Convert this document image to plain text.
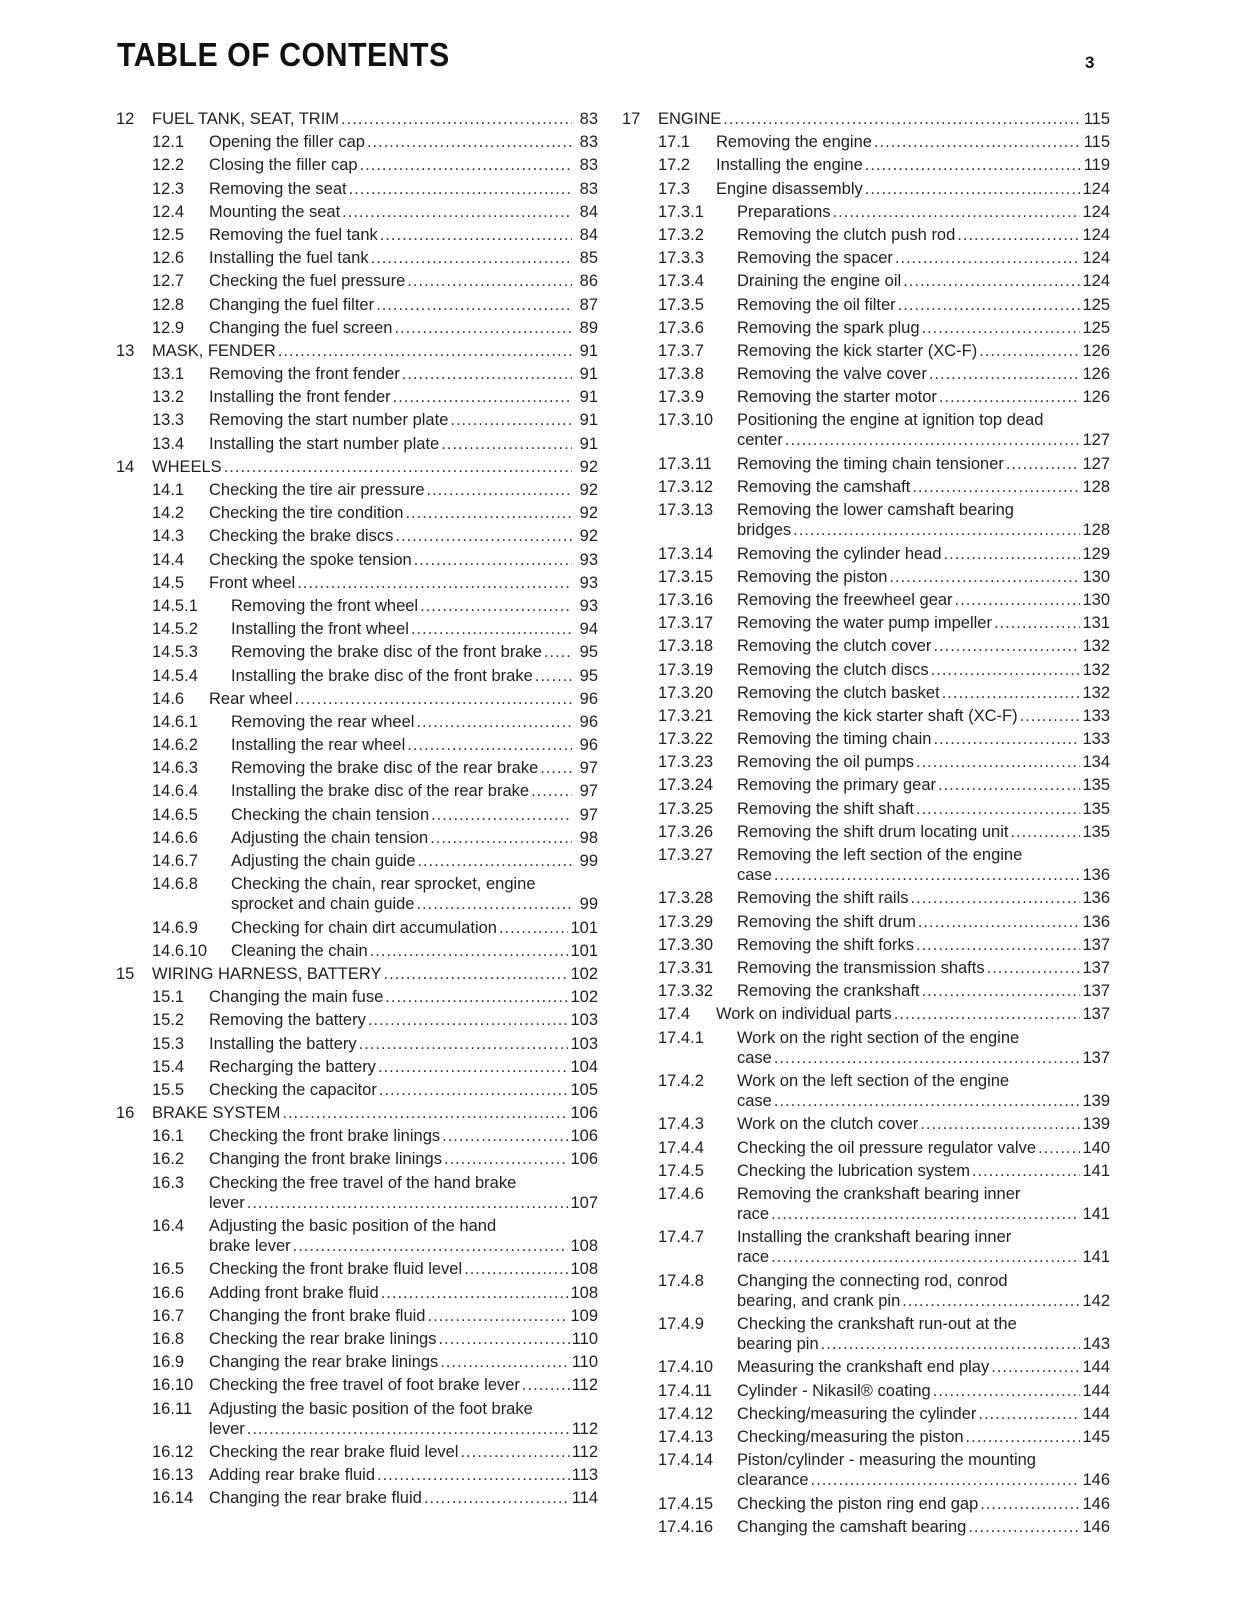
TABLE OF CONTENTS	3
12 FUEL TANK, SEAT, TRIM .....	83
12.1 Opening the filler cap .....	83
12.2 Closing the filler cap .....	83
12.3 Removing the seat .....	83
12.4 Mounting the seat .....	84
12.5 Removing the fuel tank .....	84
12.6 Installing the fuel tank .....	85
12.7 Checking the fuel pressure .....	86
12.8 Changing the fuel filter .....	87
12.9 Changing the fuel screen .....	89
13 MASK, FENDER .....	91
13.1 Removing the front fender .....	91
13.2 Installing the front fender .....	91
13.3 Removing the start number plate .....	91
13.4 Installing the start number plate .....	91
14 WHEELS .....	92
14.1 Checking the tire air pressure .....	92
14.2 Checking the tire condition .....	92
14.3 Checking the brake discs .....	92
14.4 Checking the spoke tension .....	93
14.5 Front wheel .....	93
14.5.1 Removing the front wheel .....	93
14.5.2 Installing the front wheel .....	94
14.5.3 Removing the brake disc of the front brake .....	95
14.5.4 Installing the brake disc of the front brake .....	95
14.6 Rear wheel .....	96
14.6.1 Removing the rear wheel .....	96
14.6.2 Installing the rear wheel .....	96
14.6.3 Removing the brake disc of the rear brake .....	97
14.6.4 Installing the brake disc of the rear brake .....	97
14.6.5 Checking the chain tension .....	97
14.6.6 Adjusting the chain tension .....	98
14.6.7 Adjusting the chain guide .....	99
14.6.8 Checking the chain, rear sprocket, engine
sprocket and chain guide .....	99
14.6.9 Checking for chain dirt accumulation .....	101
14.6.10 Cleaning the chain .....	101
15 WIRING HARNESS, BATTERY .....	102
15.1 Changing the main fuse .....	102
15.2 Removing the battery .....	103
15.3 Installing the battery .....	103
15.4 Recharging the battery .....	104
15.5 Checking the capacitor .....	105
16 BRAKE SYSTEM .....	106
16.1 Checking the front brake linings .....	106
16.2 Changing the front brake linings .....	106
16.3 Checking the free travel of the hand brake
lever .....	107
16.4 Adjusting the basic position of the hand
brake lever .....	108
16.5 Checking the front brake fluid level .....	108
16.6 Adding front brake fluid .....	108
16.7 Changing the front brake fluid .....	109
16.8 Checking the rear brake linings .....	110
16.9 Changing the rear brake linings .....	110
16.10 Checking the free travel of foot brake lever .....	112
16.11 Adjusting the basic position of the foot brake
lever .....	112
16.12 Checking the rear brake fluid level .....	112
16.13 Adding rear brake fluid .....	113
16.14 Changing the rear brake fluid .....	114
17 ENGINE .....	115
17.1 Removing the engine .....	115
17.2 Installing the engine .....	119
17.3 Engine disassembly .....	124
17.3.1 Preparations .....	124
17.3.2 Removing the clutch push rod .....	124
17.3.3 Removing the spacer .....	124
17.3.4 Draining the engine oil .....	124
17.3.5 Removing the oil filter .....	125
17.3.6 Removing the spark plug .....	125
17.3.7 Removing the kick starter (XC-F) .....	126
17.3.8 Removing the valve cover .....	126
17.3.9 Removing the starter motor .....	126
17.3.10 Positioning the engine at ignition top dead
center .....	127
17.3.11 Removing the timing chain tensioner .....	127
17.3.12 Removing the camshaft .....	128
17.3.13 Removing the lower camshaft bearing
bridges .....	128
17.3.14 Removing the cylinder head .....	129
17.3.15 Removing the piston .....	130
17.3.16 Removing the freewheel gear .....	130
17.3.17 Removing the water pump impeller .....	131
17.3.18 Removing the clutch cover .....	132
17.3.19 Removing the clutch discs .....	132
17.3.20 Removing the clutch basket .....	132
17.3.21 Removing the kick starter shaft (XC-F) .....	133
17.3.22 Removing the timing chain .....	133
17.3.23 Removing the oil pumps .....	134
17.3.24 Removing the primary gear .....	135
17.3.25 Removing the shift shaft .....	135
17.3.26 Removing the shift drum locating unit .....	135
17.3.27 Removing the left section of the engine
case .....	136
17.3.28 Removing the shift rails .....	136
17.3.29 Removing the shift drum .....	136
17.3.30 Removing the shift forks .....	137
17.3.31 Removing the transmission shafts .....	137
17.3.32 Removing the crankshaft .....	137
17.4 Work on individual parts .....	137
17.4.1 Work on the right section of the engine
case .....	137
17.4.2 Work on the left section of the engine
case .....	139
17.4.3 Work on the clutch cover .....	139
17.4.4 Checking the oil pressure regulator valve .....	140
17.4.5 Checking the lubrication system .....	141
17.4.6 Removing the crankshaft bearing inner
race .....	141
17.4.7 Installing the crankshaft bearing inner
race .....	141
17.4.8 Changing the connecting rod, conrod
bearing, and crank pin .....	142
17.4.9 Checking the crankshaft run-out at the
bearing pin .....	143
17.4.10 Measuring the crankshaft end play .....	144
17.4.11 Cylinder - Nikasil® coating .....	144
17.4.12 Checking/measuring the cylinder .....	144
17.4.13 Checking/measuring the piston .....	145
17.4.14 Piston/cylinder - measuring the mounting
clearance .....	146
17.4.15 Checking the piston ring end gap .....	146
17.4.16 Changing the camshaft bearing .....	146
